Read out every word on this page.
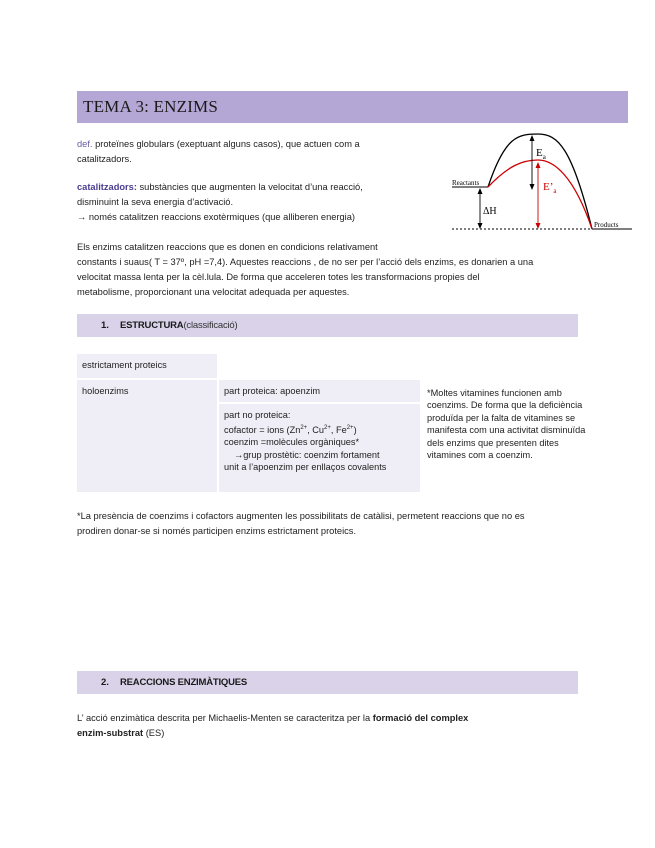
TEMA 3: ENZIMS
def. proteïnes globulars (exeptuant alguns casos), que actuen com a
catalitzadors.
catalitzadors: substàncies que augmenten la velocitat d’una reacció,
disminuint la seva energia d’activació.
→ només catalitzen reaccions exotèrmiques (que alliberen energia)
Reactants
Products
$E_a$
$E’_a$
ΔH
Els enzims catalitzen reaccions que es donen en condicions relativament
constants i suaus( T = 37º, pH =7,4). Aquestes reaccions , de no ser per l’acció dels enzims, es donarien a una
velocitat massa lenta per la cèl.lula. De forma que acceleren totes les transformacions propies del
metabolisme, proporcionant una velocitat adequada per aquestes.
1. ESTRUCTURA(classificació)
estrictament proteics
holoenzims	part proteica: apoenzim
part no proteica:
cofactor = ions ($Zn^{2+}$, $Cu^{2+}$, $Fe^{2+}$)
coenzim =molècules orgàniques*
→grup prostètic: coenzim fortament
unit a l’apoenzim per enllaços covalents
*Moltes vitamines funcionen amb
coenzims. De forma que la deficiència
produïda per la falta de vitamines se
manifesta com una activitat disminuïda
dels enzims que presenten dites
vitamines com a coenzim.
*La presència de coenzims i cofactors augmenten les possibilitats de catàlisi, permetent reaccions que no es
prodiren donar-se si només participen enzims estrictament proteics.
2. REACCIONS ENZIMÀTIQUES
L’ acció enzimàtica descrita per Michaelis-Menten se caracteritza per la formació del complex
enzim-substrat (ES)
